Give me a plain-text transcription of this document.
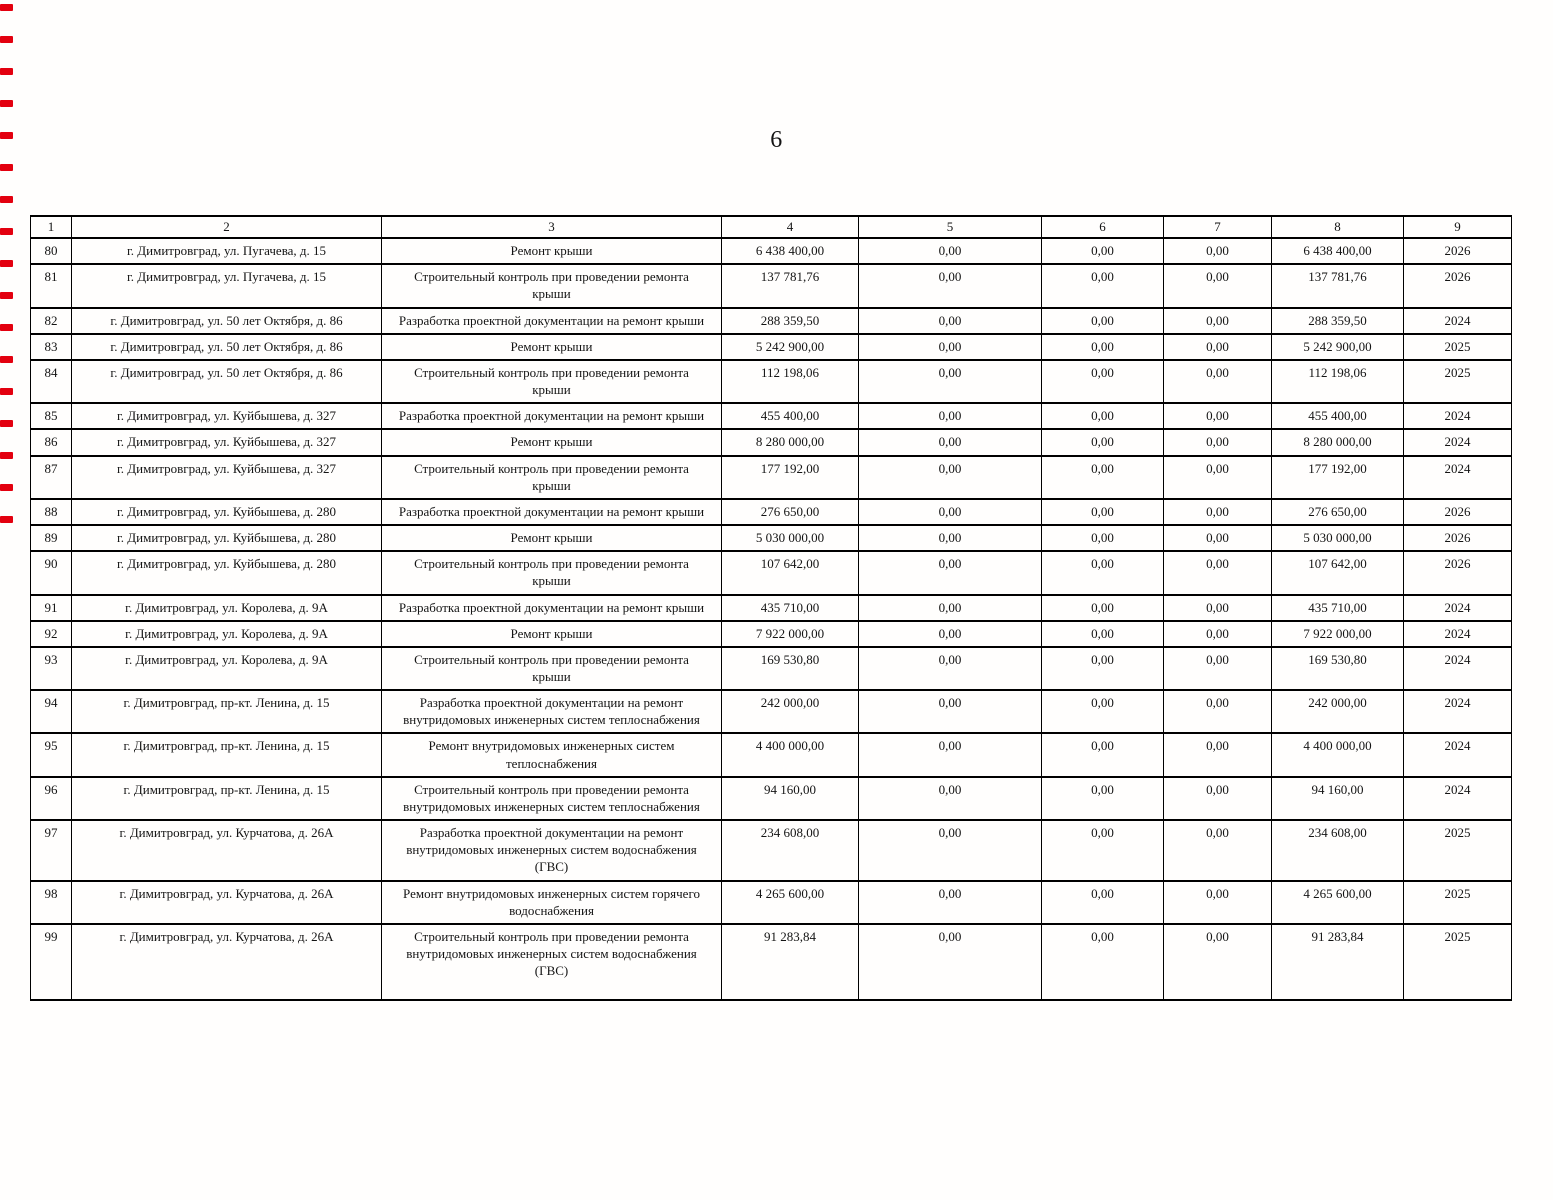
6
1	2	3	4	5	6	7	8	9
80	г. Димитровград, ул. Пугачева, д. 15	Ремонт крыши	6 438 400,00	0,00	0,00	0,00	6 438 400,00	2026
81	г. Димитровград, ул. Пугачева, д. 15	Строительный контроль при проведении ремонта крыши	137 781,76	0,00	0,00	0,00	137 781,76	2026
82	г. Димитровград, ул. 50 лет Октября, д. 86	Разработка проектной документации на ремонт крыши	288 359,50	0,00	0,00	0,00	288 359,50	2024
83	г. Димитровград, ул. 50 лет Октября, д. 86	Ремонт крыши	5 242 900,00	0,00	0,00	0,00	5 242 900,00	2025
84	г. Димитровград, ул. 50 лет Октября, д. 86	Строительный контроль при проведении ремонта крыши	112 198,06	0,00	0,00	0,00	112 198,06	2025
85	г. Димитровград, ул. Куйбышева, д. 327	Разработка проектной документации на ремонт крыши	455 400,00	0,00	0,00	0,00	455 400,00	2024
86	г. Димитровград, ул. Куйбышева, д. 327	Ремонт крыши	8 280 000,00	0,00	0,00	0,00	8 280 000,00	2024
87	г. Димитровград, ул. Куйбышева, д. 327	Строительный контроль при проведении ремонта крыши	177 192,00	0,00	0,00	0,00	177 192,00	2024
88	г. Димитровград, ул. Куйбышева, д. 280	Разработка проектной документации на ремонт крыши	276 650,00	0,00	0,00	0,00	276 650,00	2026
89	г. Димитровград, ул. Куйбышева, д. 280	Ремонт крыши	5 030 000,00	0,00	0,00	0,00	5 030 000,00	2026
90	г. Димитровград, ул. Куйбышева, д. 280	Строительный контроль при проведении ремонта крыши	107 642,00	0,00	0,00	0,00	107 642,00	2026
91	г. Димитровград, ул. Королева, д. 9А	Разработка проектной документации на ремонт крыши	435 710,00	0,00	0,00	0,00	435 710,00	2024
92	г. Димитровград, ул. Королева, д. 9А	Ремонт крыши	7 922 000,00	0,00	0,00	0,00	7 922 000,00	2024
93	г. Димитровград, ул. Королева, д. 9А	Строительный контроль при проведении ремонта крыши	169 530,80	0,00	0,00	0,00	169 530,80	2024
94	г. Димитровград, пр-кт. Ленина, д. 15	Разработка проектной документации на ремонт внутридомовых инженерных систем теплоснабжения	242 000,00	0,00	0,00	0,00	242 000,00	2024
95	г. Димитровград, пр-кт. Ленина, д. 15	Ремонт внутридомовых инженерных систем теплоснабжения	4 400 000,00	0,00	0,00	0,00	4 400 000,00	2024
96	г. Димитровград, пр-кт. Ленина, д. 15	Строительный контроль при проведении ремонта внутридомовых инженерных систем теплоснабжения	94 160,00	0,00	0,00	0,00	94 160,00	2024
97	г. Димитровград, ул. Курчатова, д. 26А	Разработка проектной документации на ремонт внутридомовых инженерных систем водоснабжения (ГВС)	234 608,00	0,00	0,00	0,00	234 608,00	2025
98	г. Димитровград, ул. Курчатова, д. 26А	Ремонт внутридомовых инженерных систем горячего водоснабжения	4 265 600,00	0,00	0,00	0,00	4 265 600,00	2025
99	г. Димитровград, ул. Курчатова, д. 26А	Строительный контроль при проведении ремонта внутридомовых инженерных систем водоснабжения (ГВС)	91 283,84	0,00	0,00	0,00	91 283,84	2025
